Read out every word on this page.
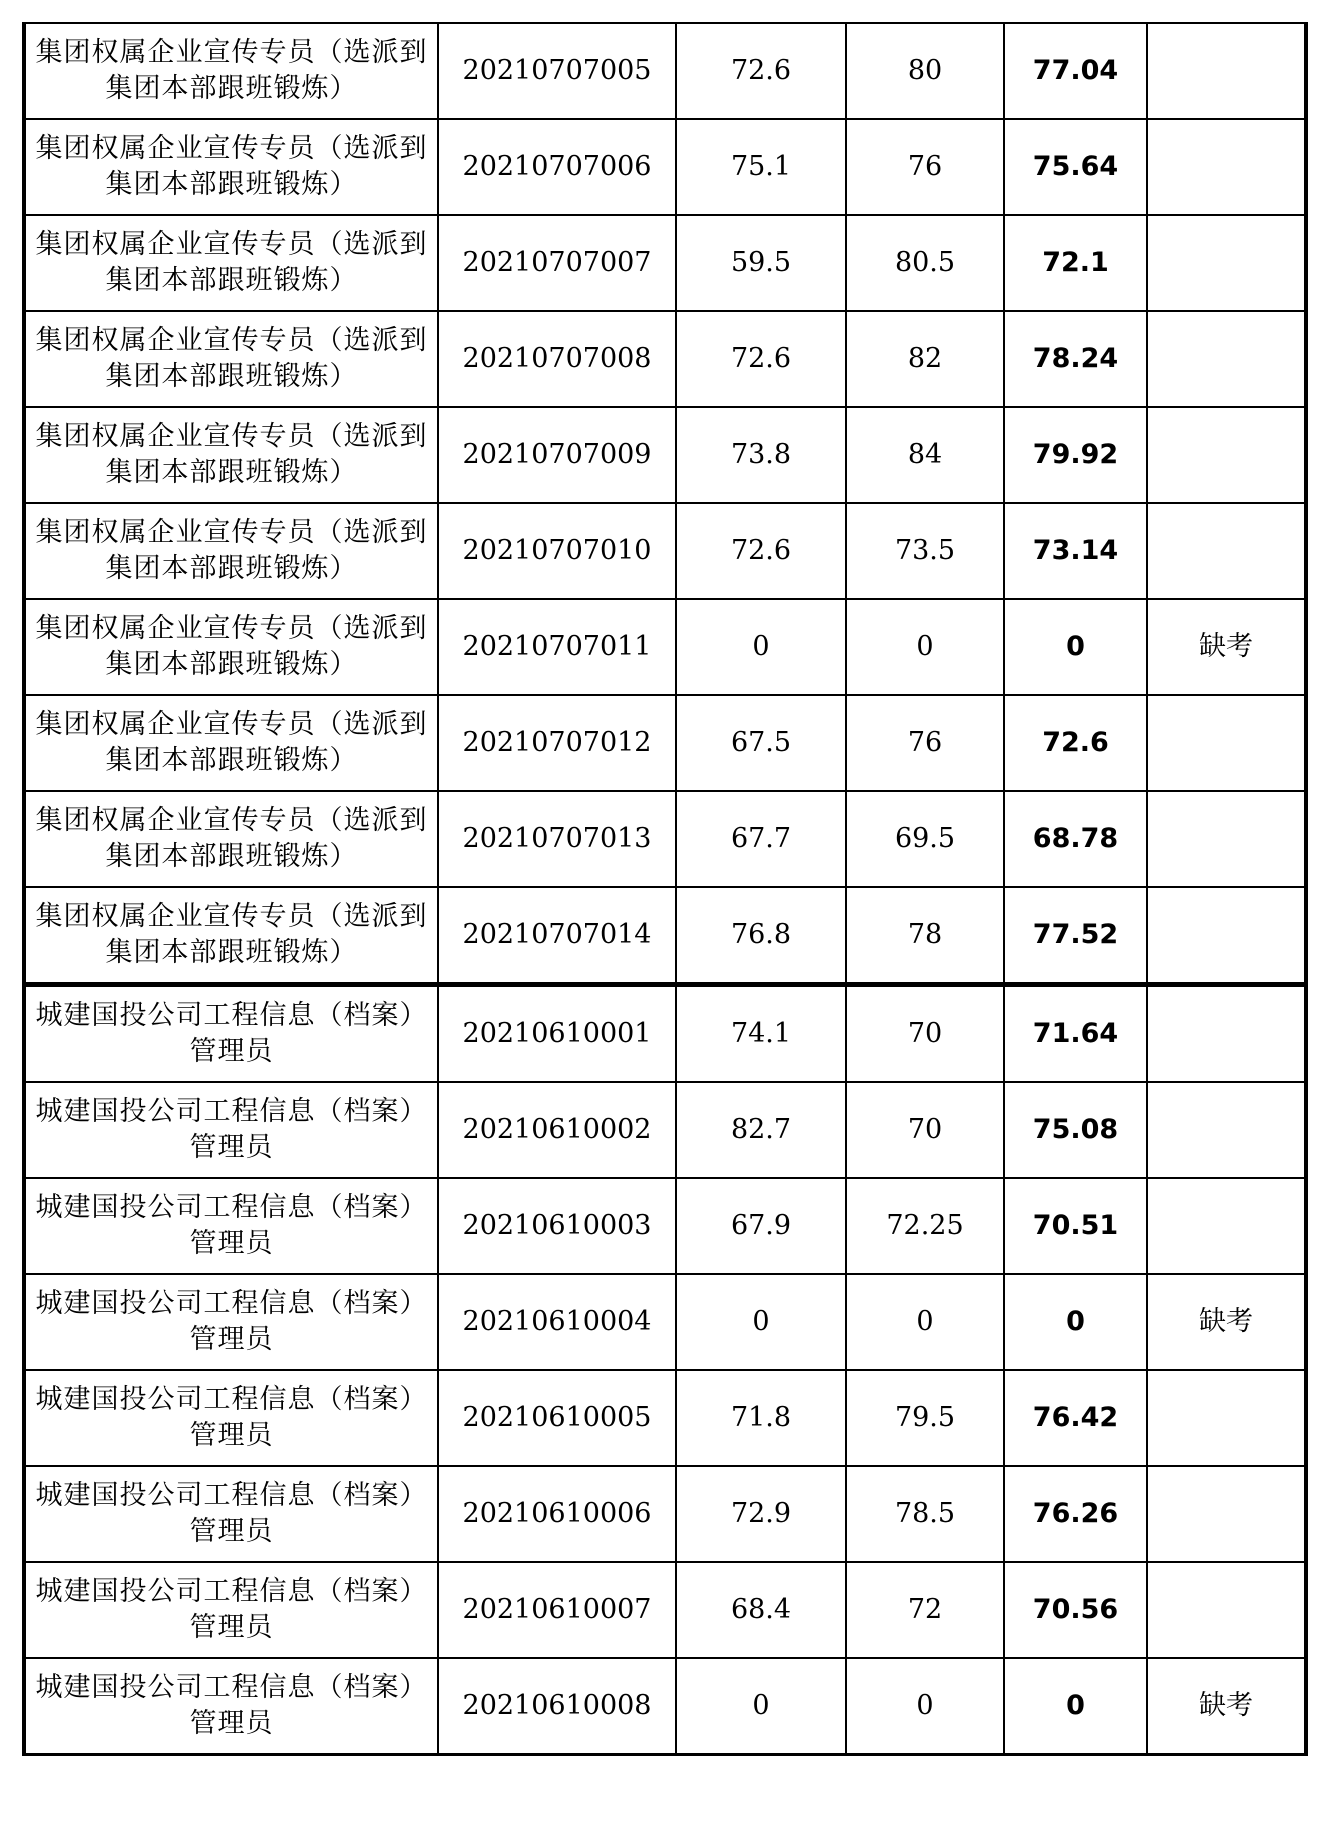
集团权属企业宣传专员（选派到集团本部跟班锻炼）	20210707005	72.6	80	77.04	
集团权属企业宣传专员（选派到集团本部跟班锻炼）	20210707006	75.1	76	75.64	
集团权属企业宣传专员（选派到集团本部跟班锻炼）	20210707007	59.5	80.5	72.1	
集团权属企业宣传专员（选派到集团本部跟班锻炼）	20210707008	72.6	82	78.24	
集团权属企业宣传专员（选派到集团本部跟班锻炼）	20210707009	73.8	84	79.92	
集团权属企业宣传专员（选派到集团本部跟班锻炼）	20210707010	72.6	73.5	73.14	
集团权属企业宣传专员（选派到集团本部跟班锻炼）	20210707011	0	0	0	缺考
集团权属企业宣传专员（选派到集团本部跟班锻炼）	20210707012	67.5	76	72.6	
集团权属企业宣传专员（选派到集团本部跟班锻炼）	20210707013	67.7	69.5	68.78	
集团权属企业宣传专员（选派到集团本部跟班锻炼）	20210707014	76.8	78	77.52	
城建国投公司工程信息（档案）管理员	20210610001	74.1	70	71.64	
城建国投公司工程信息（档案）管理员	20210610002	82.7	70	75.08	
城建国投公司工程信息（档案）管理员	20210610003	67.9	72.25	70.51	
城建国投公司工程信息（档案）管理员	20210610004	0	0	0	缺考
城建国投公司工程信息（档案）管理员	20210610005	71.8	79.5	76.42	
城建国投公司工程信息（档案）管理员	20210610006	72.9	78.5	76.26	
城建国投公司工程信息（档案）管理员	20210610007	68.4	72	70.56	
城建国投公司工程信息（档案）管理员	20210610008	0	0	0	缺考
